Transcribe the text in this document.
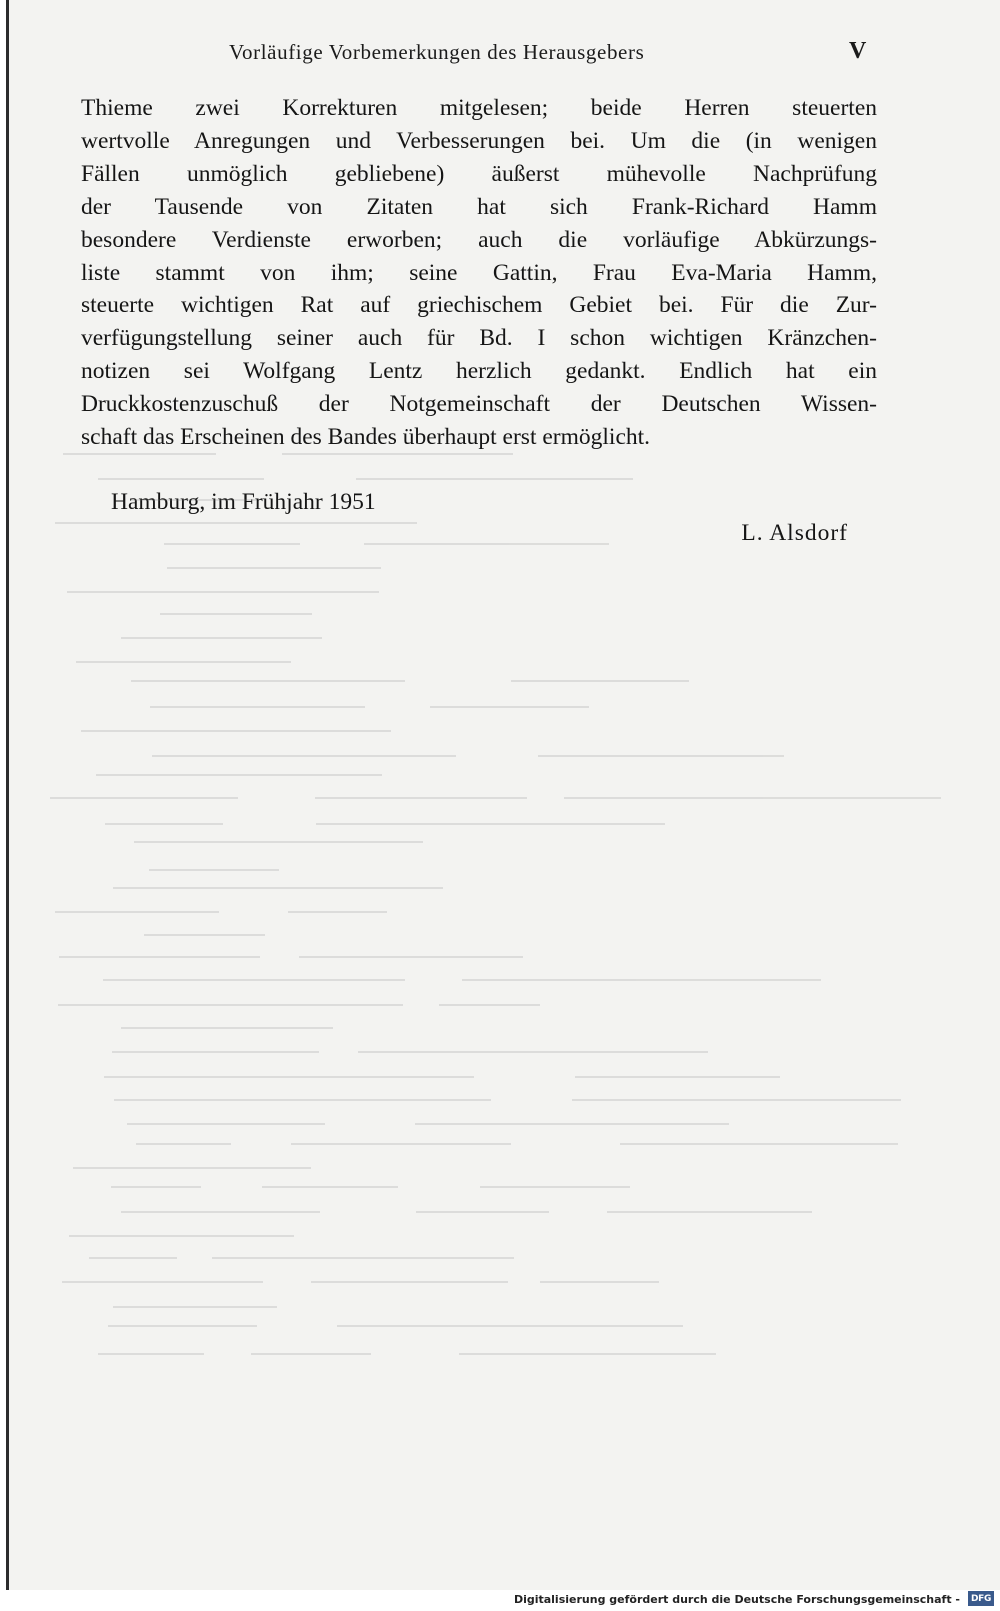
Vorläufige Vorbemerkungen des Herausgebers	V
Thieme zwei Korrekturen mitgelesen; beide Herren steuerten
wertvolle Anregungen und Verbesserungen bei. Um die (in wenigen
Fällen unmöglich gebliebene) äußerst mühevolle Nachprüfung
der Tausende von Zitaten hat sich Frank-Richard Hamm
besondere Verdienste erworben; auch die vorläufige Abkürzungs-
liste stammt von ihm; seine Gattin, Frau Eva-Maria Hamm,
steuerte wichtigen Rat auf griechischem Gebiet bei. Für die Zur-
verfügungstellung seiner auch für Bd. I schon wichtigen Kränzchen-
notizen sei Wolfgang Lentz herzlich gedankt. Endlich hat ein
Druckkostenzuschuß der Notgemeinschaft der Deutschen Wissen-
schaft das Erscheinen des Bandes überhaupt erst ermöglicht.
Hamburg, im Frühjahr 1951
L. Alsdorf
Digitalisierung gefördert durch die Deutsche Forschungsgemeinschaft -	DFG
